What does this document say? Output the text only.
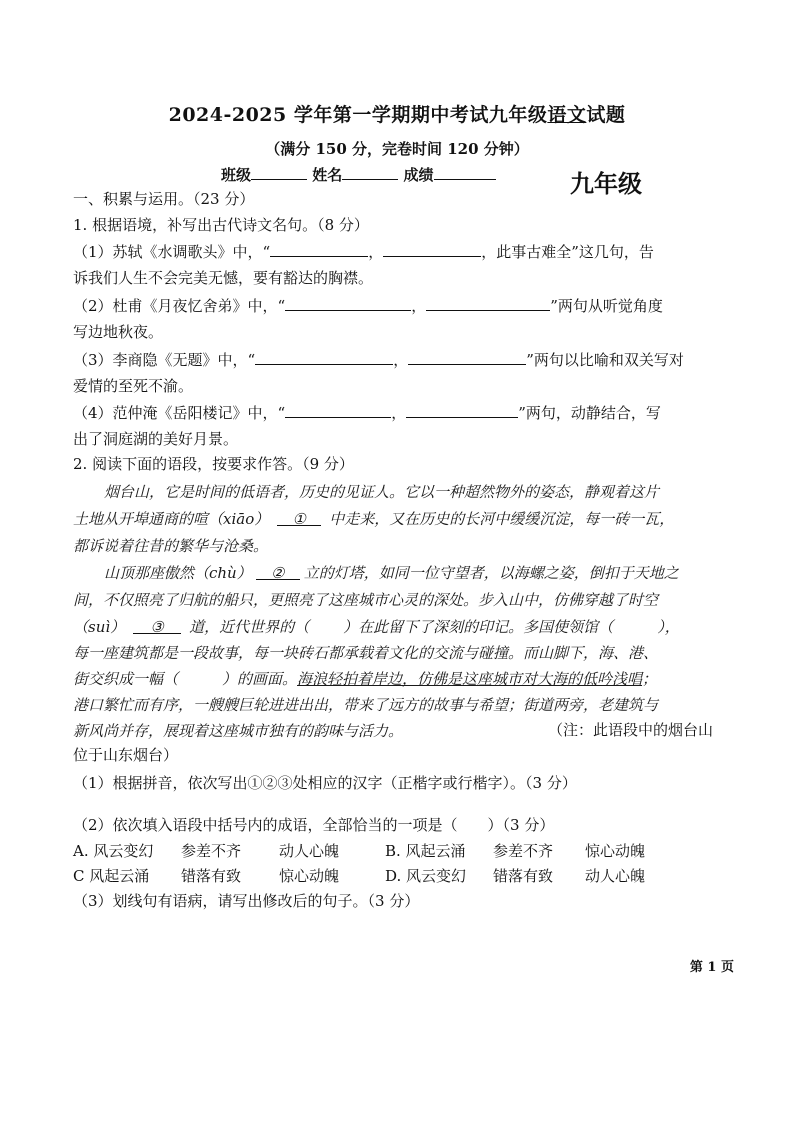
2024-2025 学年第一学期期中考试九年级语文试题
（满分 150 分，完卷时间 120 分钟）
班级	姓名	成绩	九年级
一、积累与运用。（23 分）
1. 根据语境，补写出古代诗文名句。（8 分）
（1）苏轼《水调歌头》中，“	，	，此事古难全”这几句，告
诉我们人生不会完美无憾，要有豁达的胸襟。
（2）杜甫《月夜忆舍弟》中，“	，	”两句从听觉角度
写边地秋夜。
（3）李商隐《无题》中，“	，	”两句以比喻和双关写对
爱情的至死不渝。
（4）范仲淹《岳阳楼记》中，“	，	”两句，动静结合，写
出了洞庭湖的美好月景。
2. 阅读下面的语段，按要求作答。（9 分）
烟台山，它是时间的低语者，历史的见证人。它以一种超然物外的姿态，静观着这片
土地从开埠通商的喧（xiāo） ① 中走来，又在历史的长河中缓缓沉淀，每一砖一瓦，
都诉说着往昔的繁华与沧桑。
山顶那座傲然（chù） ② 立的灯塔，如同一位守望者，以海螺之姿，倒扣于天地之
间，不仅照亮了归航的船只，更照亮了这座城市心灵的深处。步入山中，仿佛穿越了时空
（suì） ③ 道，近代世界的（ ）在此留下了深刻的印记。多国使领馆（	），
每一座建筑都是一段故事，每一块砖石都承载着文化的交流与碰撞。而山脚下，海、港、
街交织成一幅（	）的画面。海浪轻拍着岸边，仿佛是这座城市对大海的低吟浅唱；
港口繁忙而有序，一艘艘巨轮进进出出，带来了远方的故事与希望；街道两旁，老建筑与
新风尚并存，展现着这座城市独有的韵味与活力。	（注：此语段中的烟台山
位于山东烟台）
（1）根据拼音，依次写出①②③处相应的汉字（正楷字或行楷字）。（3 分）
（2）依次填入语段中括号内的成语，全部恰当的一项是（　　）（3 分）
A. 风云变幻 参差不齐	动人心魄	B. 风起云涌 参差不齐 惊心动魄
C 风起云涌 错落有致	惊心动魄	D. 风云变幻 错落有致 动人心魄
（3）划线句有语病，请写出修改后的句子。（3 分）
第 1 页
